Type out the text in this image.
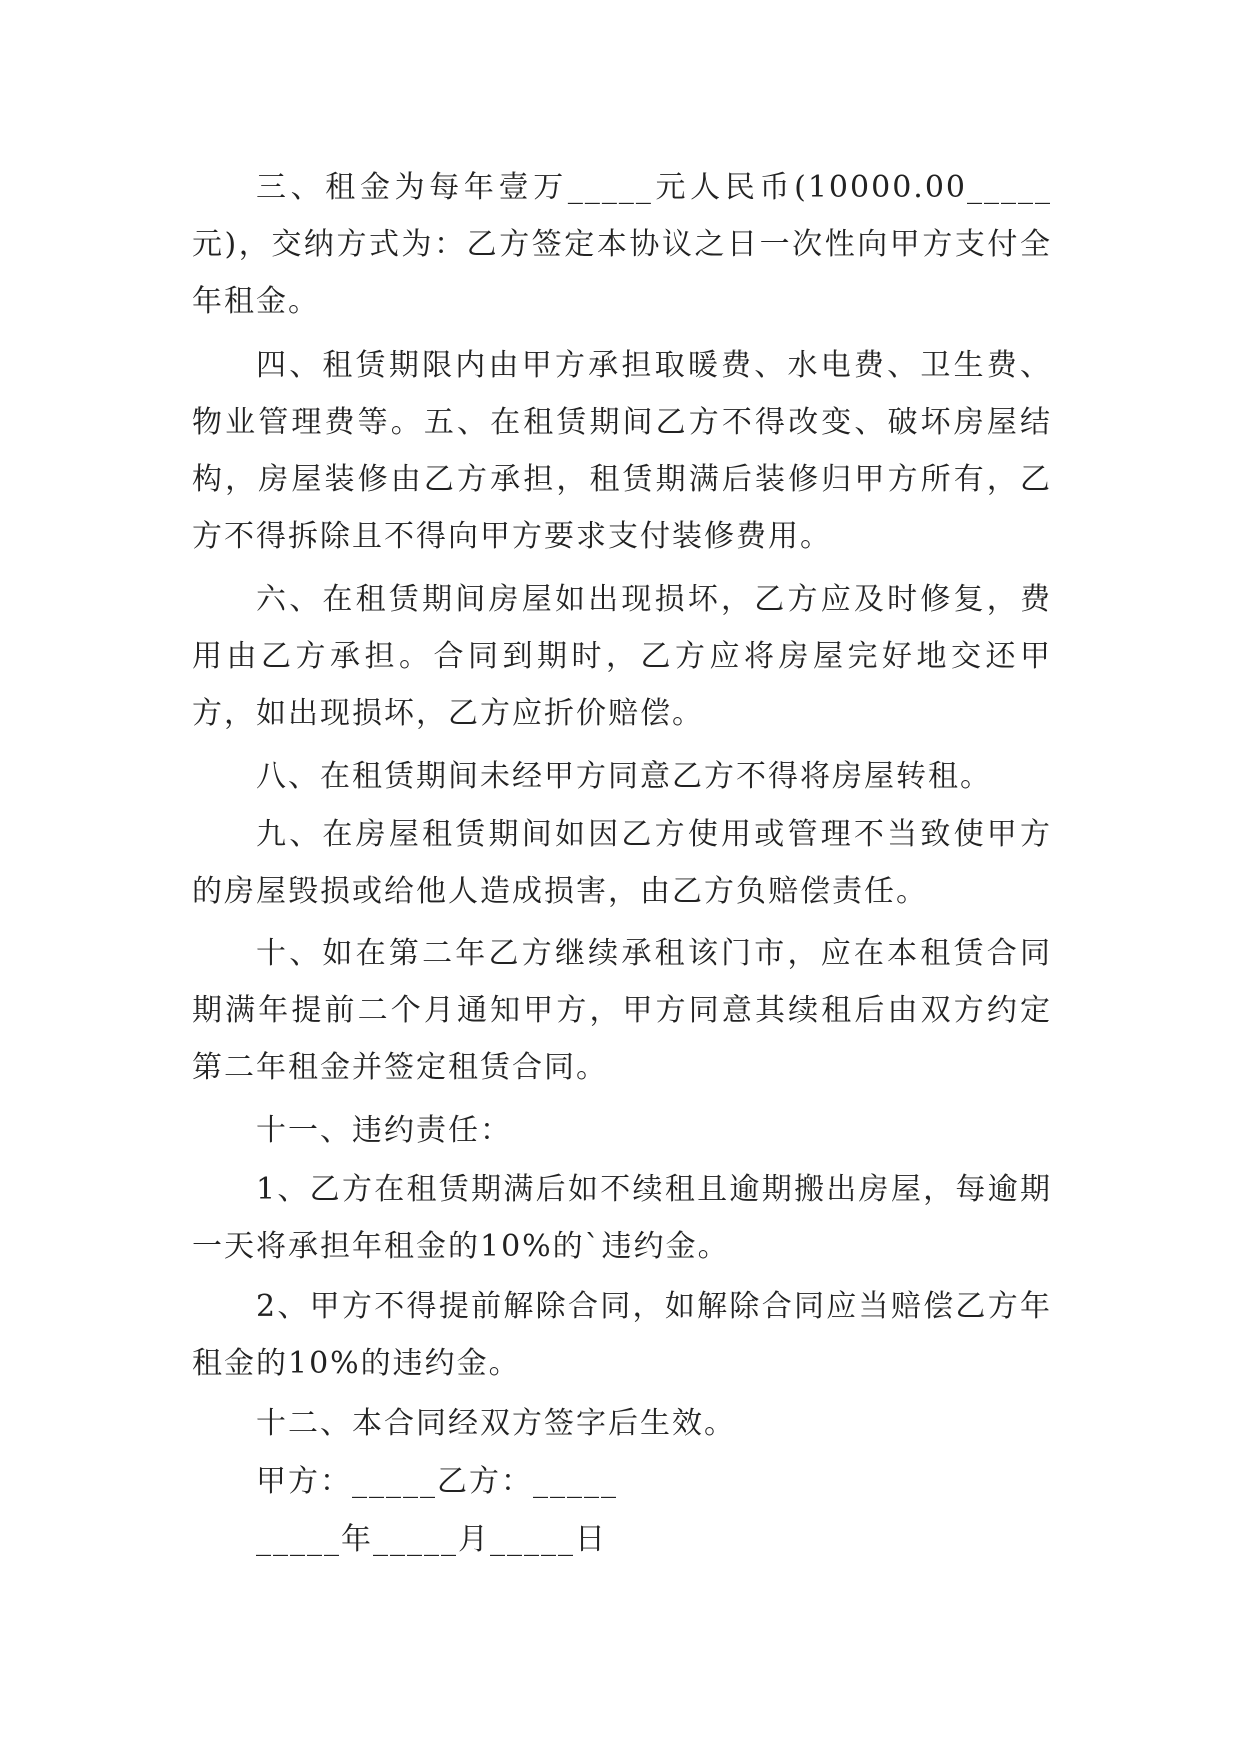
三、租金为每年壹万_____元人民币(10000.00_____元)，交纳方式为：乙方签定本协议之日一次性向甲方支付全年租金。

四、租赁期限内由甲方承担取暖费、水电费、卫生费、物业管理费等。五、在租赁期间乙方不得改变、破坏房屋结构，房屋装修由乙方承担，租赁期满后装修归甲方所有，乙方不得拆除且不得向甲方要求支付装修费用。

六、在租赁期间房屋如出现损坏，乙方应及时修复，费用由乙方承担。合同到期时，乙方应将房屋完好地交还甲方，如出现损坏，乙方应折价赔偿。

八、在租赁期间未经甲方同意乙方不得将房屋转租。

九、在房屋租赁期间如因乙方使用或管理不当致使甲方的房屋毁损或给他人造成损害，由乙方负赔偿责任。

十、如在第二年乙方继续承租该门市，应在本租赁合同期满年提前二个月通知甲方，甲方同意其续租后由双方约定第二年租金并签定租赁合同。

十一、违约责任：

1、乙方在租赁期满后如不续租且逾期搬出房屋，每逾期一天将承担年租金的10%的`违约金。

2、甲方不得提前解除合同，如解除合同应当赔偿乙方年租金的10%的违约金。

十二、本合同经双方签字后生效。

甲方：_____乙方：_____

_____年_____月_____日
